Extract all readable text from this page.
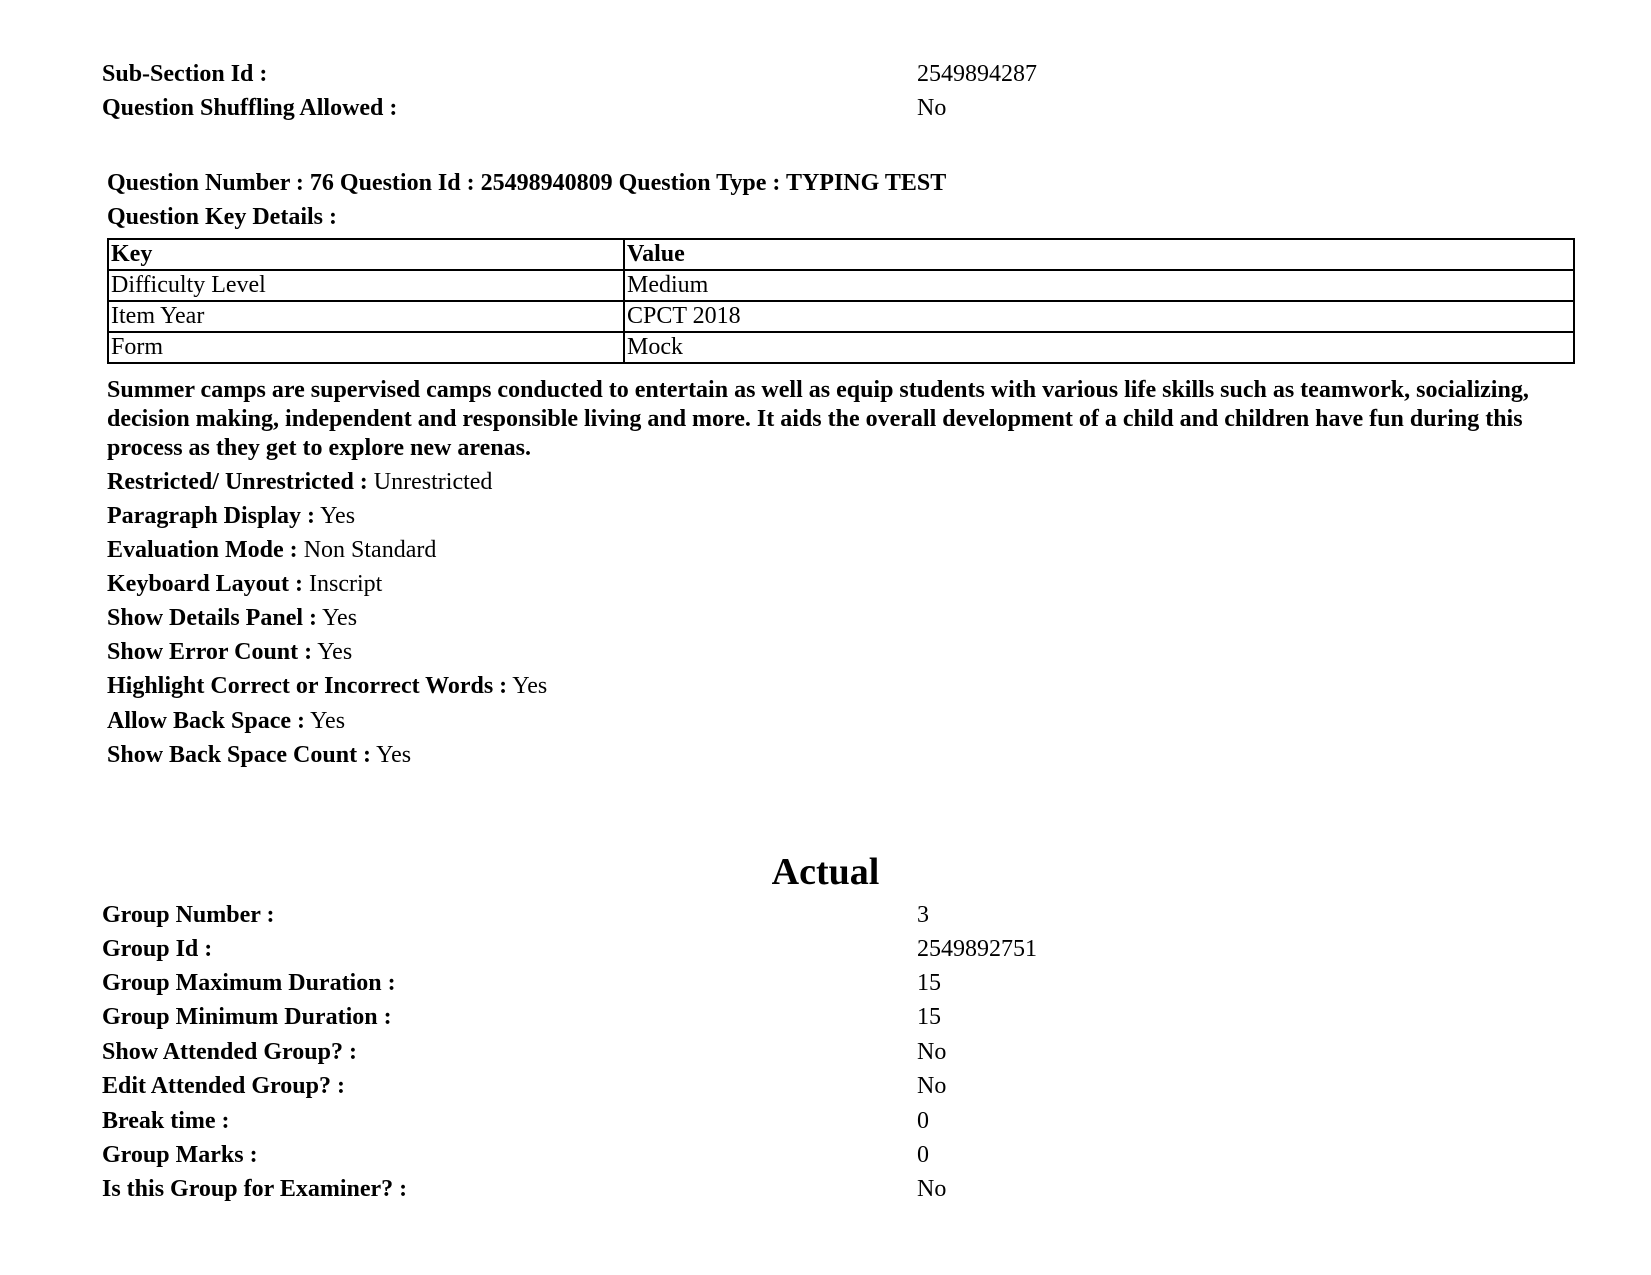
Sub-Section Id :	2549894287
Question Shuffling Allowed :	No
Question Number : 76 Question Id : 25498940809 Question Type : TYPING TEST
Question Key Details :
Key	Value
Difficulty Level	Medium
Item Year	CPCT 2018
Form	Mock
Summer camps are supervised camps conducted to entertain as well as equip students with various life skills such as teamwork, socializing, decision making, independent and responsible living and more. It aids the overall development of a child and children have fun during this process as they get to explore new arenas.
Restricted/ Unrestricted : Unrestricted
Paragraph Display : Yes
Evaluation Mode : Non Standard
Keyboard Layout : Inscript
Show Details Panel : Yes
Show Error Count : Yes
Highlight Correct or Incorrect Words : Yes
Allow Back Space : Yes
Show Back Space Count : Yes
Actual
Group Number :	3
Group Id :	2549892751
Group Maximum Duration :	15
Group Minimum Duration :	15
Show Attended Group? :	No
Edit Attended Group? :	No
Break time :	0
Group Marks :	0
Is this Group for Examiner? :	No
